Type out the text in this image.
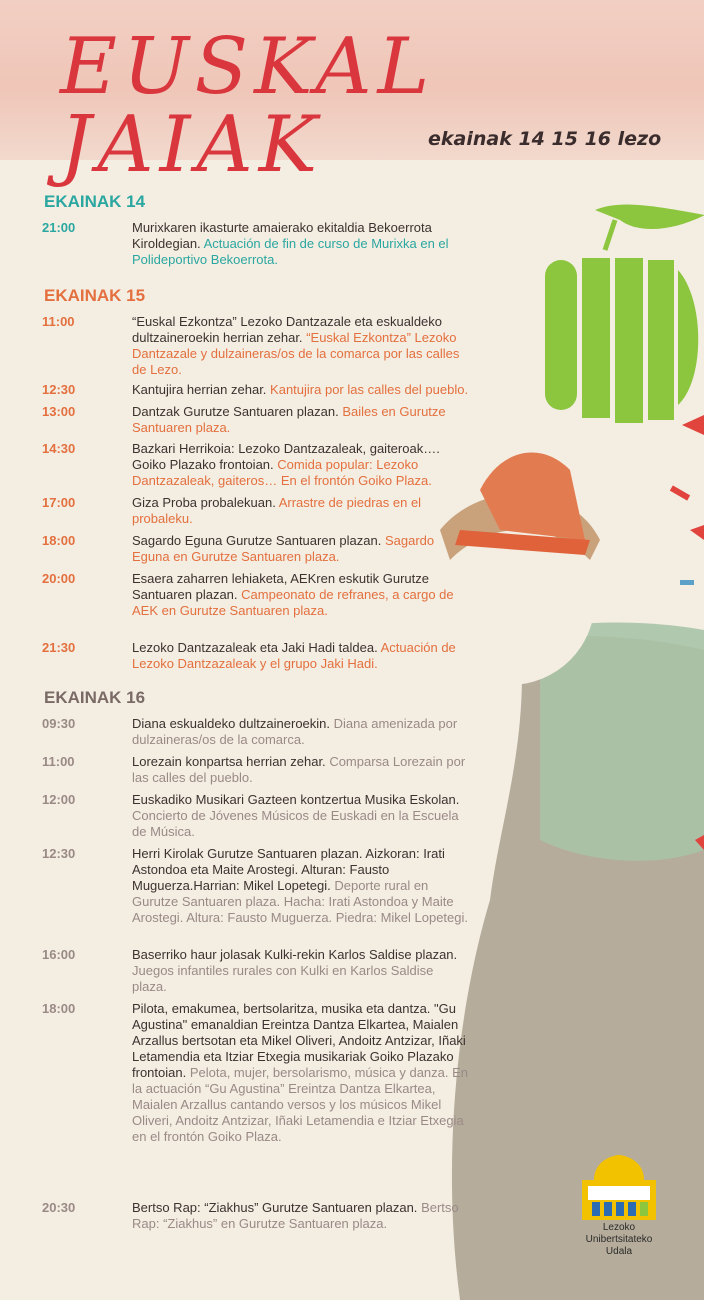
EUSKAL JAIAK	ekainak 14 15 16 lezo
EKAINAK 14
21:00	Murixkaren ikasturte amaierako ekitaldia Bekoerrota Kiroldegian. Actuación de fin de curso de Murixka en el Polideportivo Bekoerrota.
EKAINAK 15
11:00	“Euskal Ezkontza” Lezoko Dantzazale eta eskualdeko dultzaineroekin herrian zehar. “Euskal Ezkontza” Lezoko Dantzazale y dulzaineras/os de la comarca por las calles de Lezo.
12:30	Kantujira herrian zehar. Kantujira por las calles del pueblo.
13:00	Dantzak Gurutze Santuaren plazan. Bailes en Gurutze Santuaren plaza.
14:30	Bazkari Herrikoia: Lezoko Dantzazaleak, gaiteroak…. Goiko Plazako frontoian. Comida popular: Lezoko Dantzazaleak, gaiteros… En el frontón Goiko Plaza.
17:00	Giza Proba probalekuan. Arrastre de piedras en el probaleku.
18:00	Sagardo Eguna Gurutze Santuaren plazan. Sagardo Eguna en Gurutze Santuaren plaza.
20:00	Esaera zaharren lehiaketa, AEKren eskutik Gurutze Santuaren plazan. Campeonato de refranes, a cargo de AEK en Gurutze Santuaren plaza.
21:30	Lezoko Dantzazaleak eta Jaki Hadi taldea. Actuación de Lezoko Dantzazaleak y el grupo Jaki Hadi.
EKAINAK 16
09:30	Diana eskualdeko dultzaineroekin. Diana amenizada por dulzaineras/os de la comarca.
11:00	Lorezain konpartsa herrian zehar. Comparsa Lorezain por las calles del pueblo.
12:00	Euskadiko Musikari Gazteen kontzertua Musika Eskolan. Concierto de Jóvenes Músicos de Euskadi en la Escuela de Música.
12:30	Herri Kirolak Gurutze Santuaren plazan. Aizkoran: Irati Astondoa eta Maite Arostegi. Alturan: Fausto Muguerza.Harrian: Mikel Lopetegi. Deporte rural en Gurutze Santuaren plaza. Hacha: Irati Astondoa y Maite Arostegi. Altura: Fausto Muguerza. Piedra: Mikel Lopetegi.
16:00	Baserriko haur jolasak Kulki-rekin Karlos Saldise plazan. Juegos infantiles rurales con Kulki en Karlos Saldise plaza.
18:00	Pilota, emakumea, bertsolaritza, musika eta dantza. "Gu Agustina" emanaldian Ereintza Dantza Elkartea, Maialen Arzallus bertsotan eta Mikel Oliveri, Andoitz Antzizar, Iñaki Letamendia eta Itziar Etxegia musikariak Goiko Plazako frontoian. Pelota, mujer, bersolarismo, música y danza. En la actuación “Gu Agustina” Ereintza Dantza Elkartea, Maialen Arzallus cantando versos y los músicos Mikel Oliveri, Andoitz Antzizar, Iñaki Letamendia e Itziar Etxegia en el frontón Goiko Plaza.
20:30	Bertso Rap: “Ziakhus” Gurutze Santuaren plazan. Bertso Rap: “Ziakhus” en Gurutze Santuaren plaza.	Lezoko
Unibertsitateko
Udala
